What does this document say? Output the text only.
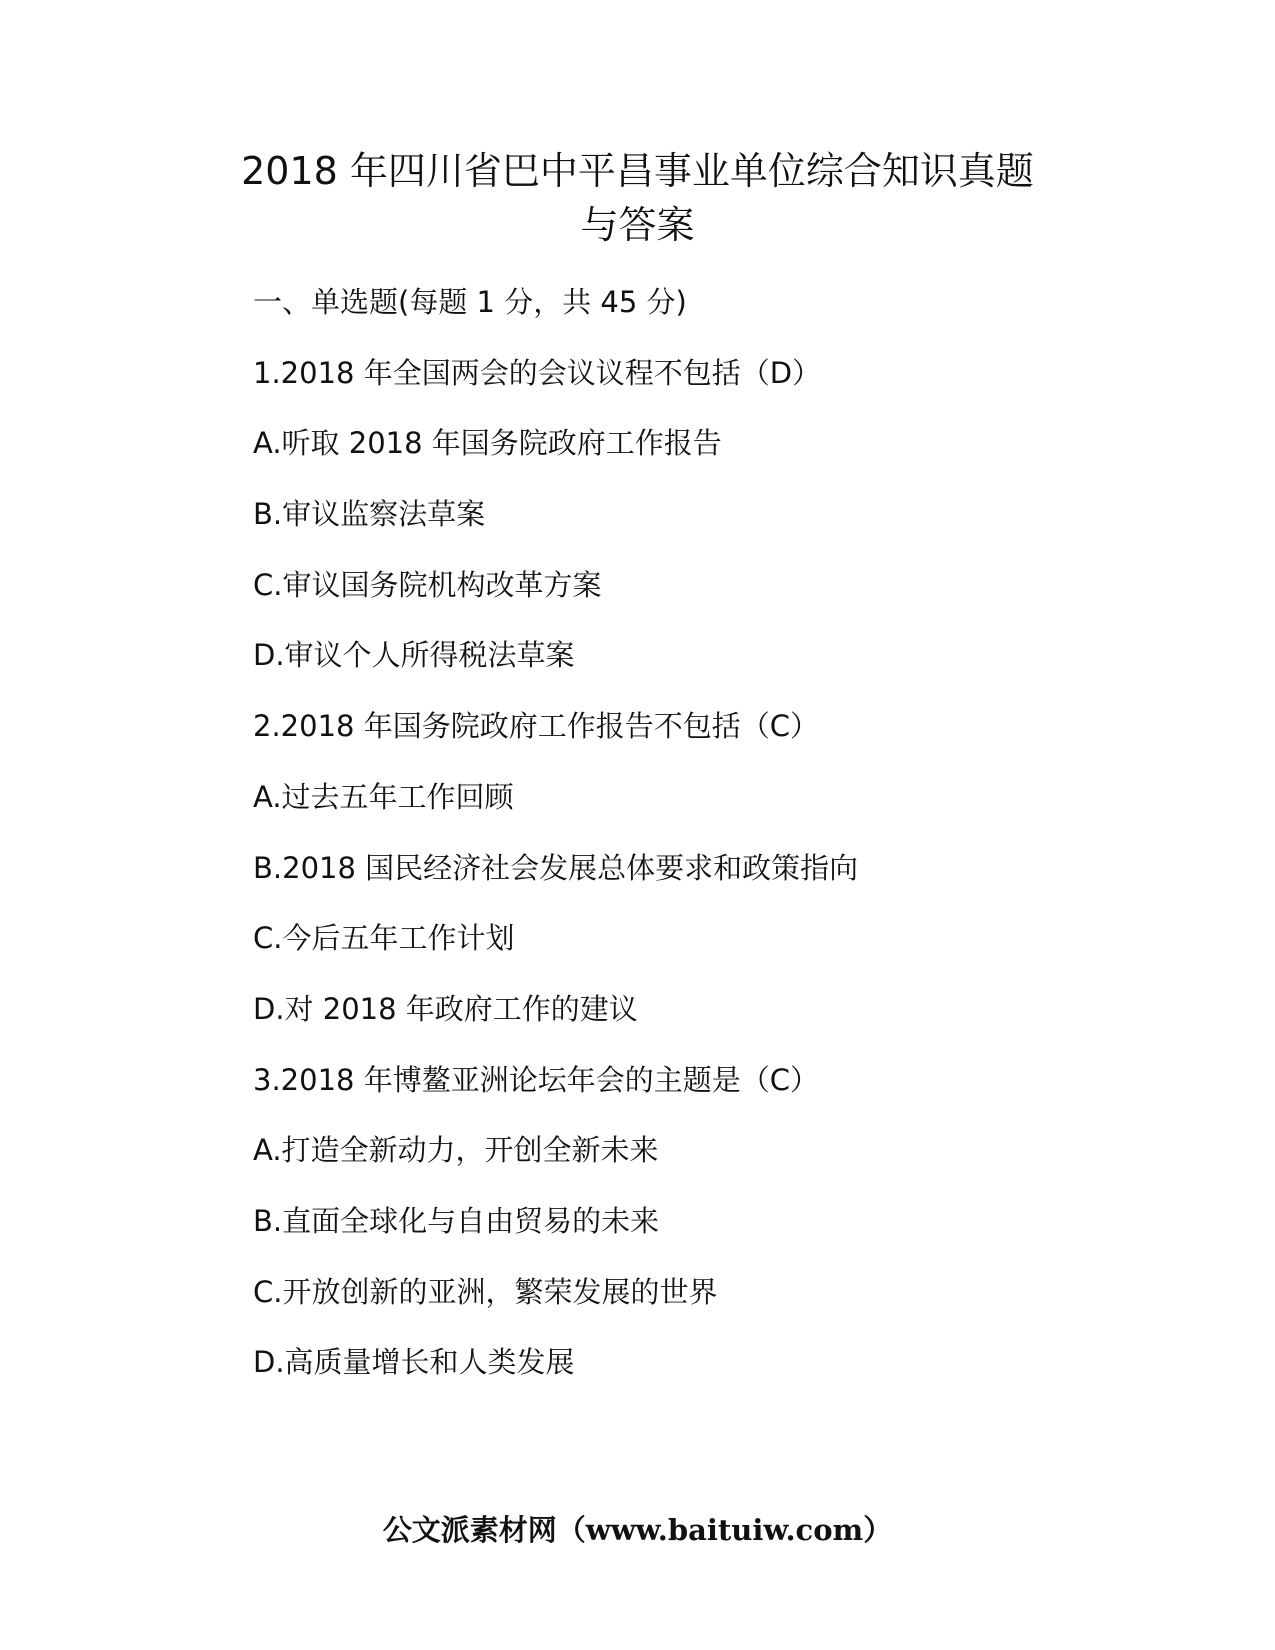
2018 年四川省巴中平昌事业单位综合知识真题
与答案
一、单选题(每题 1 分，共 45 分)
1.2018 年全国两会的会议议程不包括（D）
A.听取 2018 年国务院政府工作报告
B.审议监察法草案
C.审议国务院机构改革方案
D.审议个人所得税法草案
2.2018 年国务院政府工作报告不包括（C）
A.过去五年工作回顾
B.2018 国民经济社会发展总体要求和政策指向
C.今后五年工作计划
D.对 2018 年政府工作的建议
3.2018 年博鳌亚洲论坛年会的主题是（C）
A.打造全新动力，开创全新未来
B.直面全球化与自由贸易的未来
C.开放创新的亚洲，繁荣发展的世界
D.高质量增长和人类发展
公文派素材网（www.baituiw.com）
